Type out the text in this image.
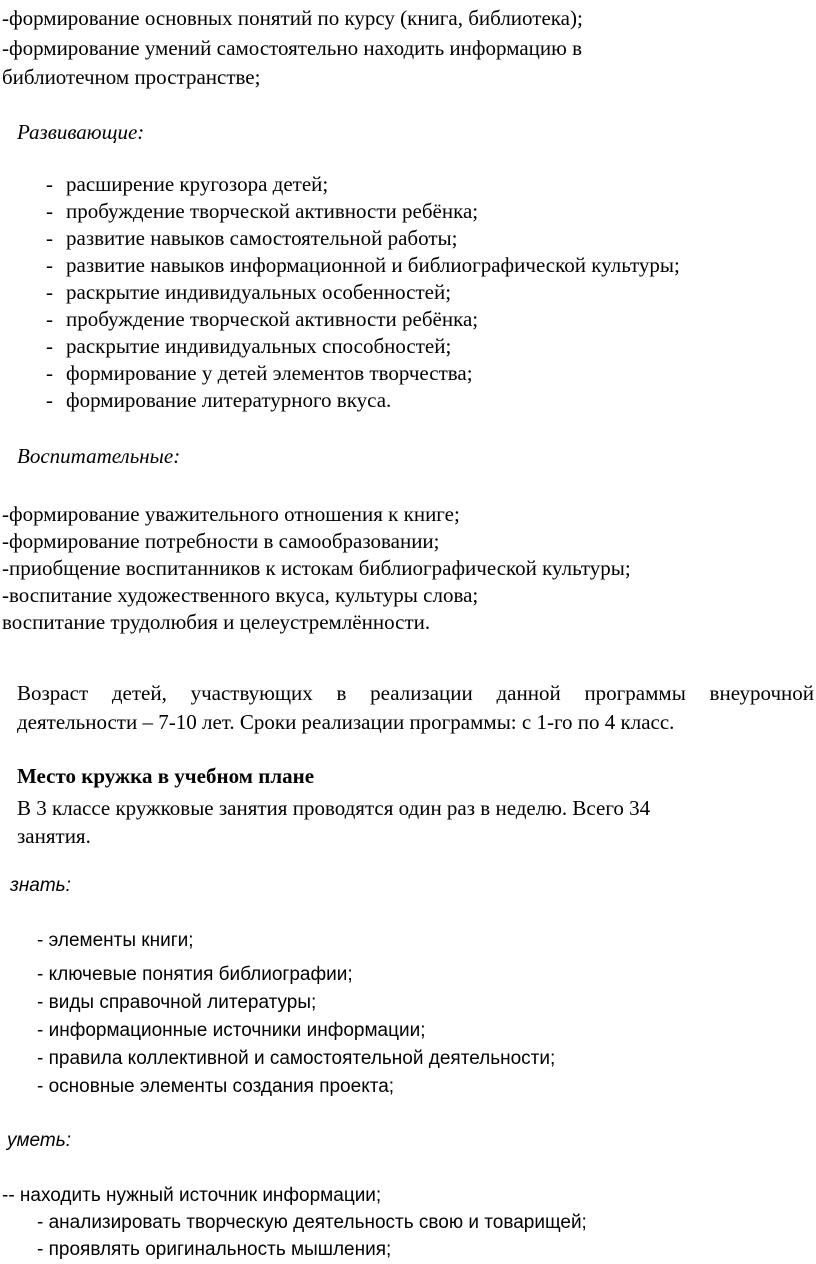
-формирование основных понятий по курсу (книга, библиотека);
-формирование умений самостоятельно находить информацию в
библиотечном пространстве;
Развивающие:
- расширение кругозора детей;
- пробуждение творческой активности ребёнка;
- развитие навыков самостоятельной работы;
- развитие навыков информационной и библиографической культуры;
- раскрытие индивидуальных особенностей;
- пробуждение творческой активности ребёнка;
- раскрытие индивидуальных способностей;
- формирование у детей элементов творчества;
- формирование литературного вкуса.
Воспитательные:
-формирование уважительного отношения к книге;
-формирование потребности в самообразовании;
-приобщение воспитанников к истокам библиографической культуры;
-воспитание художественного вкуса, культуры слова;
воспитание трудолюбия и целеустремлённости.
Возраст детей, участвующих в реализации данной программы внеурочной
деятельности – 7-10 лет. Сроки реализации программы: с 1-го по 4 класс.
Место кружка в учебном плане
В 3 классе кружковые занятия проводятся один раз в неделю. Всего 34
занятия.
знать:
- элементы книги;
- ключевые понятия библиографии;
- виды справочной литературы;
- информационные источники информации;
- правила коллективной и самостоятельной деятельности;
- основные элементы создания проекта;
уметь:
-- находить нужный источник информации;
- анализировать творческую деятельность свою и товарищей;
- проявлять оригинальность мышления;
